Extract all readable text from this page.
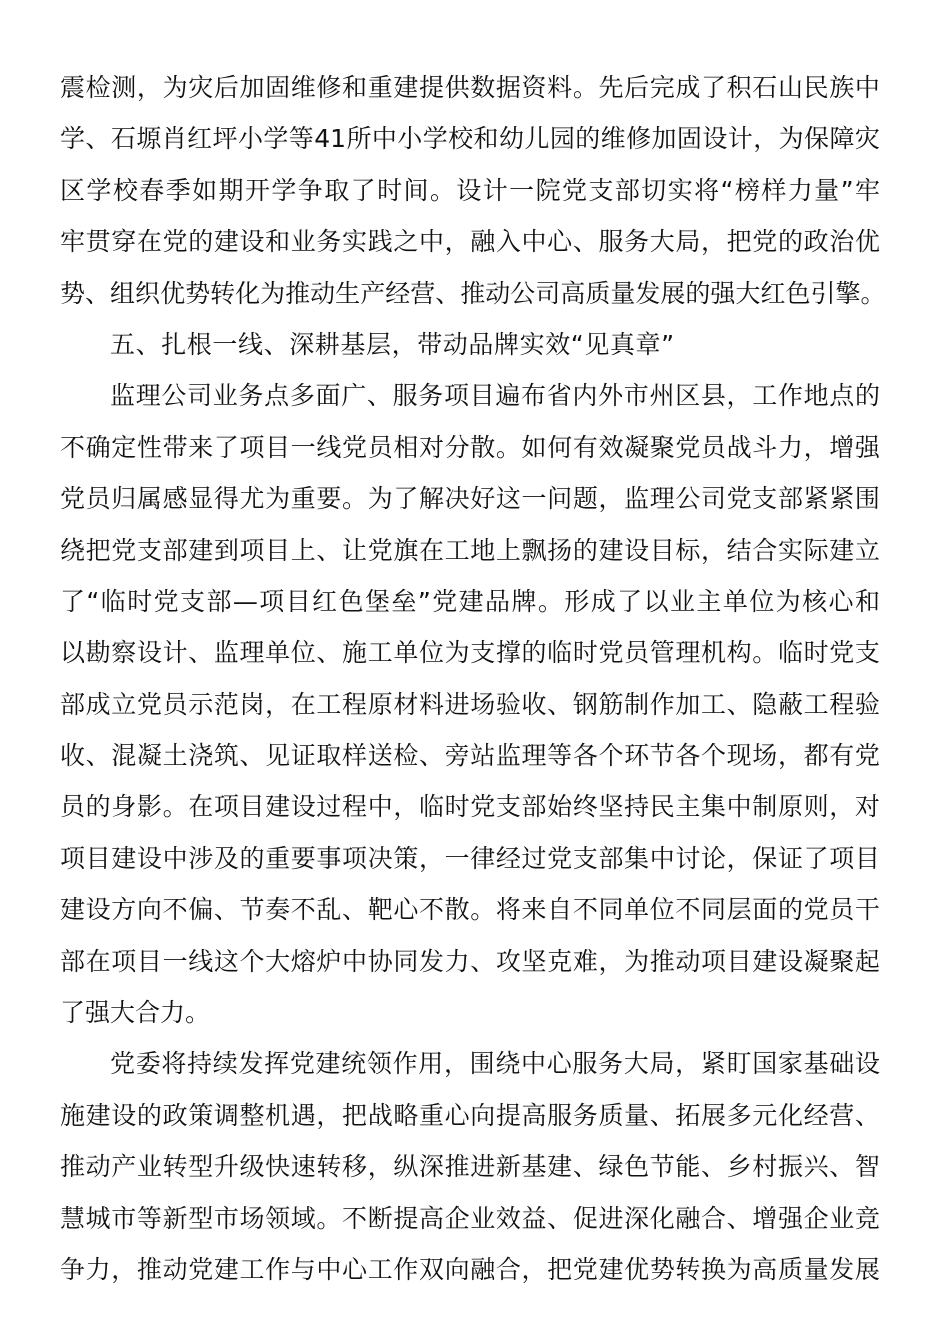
震 检 测 ， 为 灾 后 加 固 维 修 和 重 建 提 供 数 据 资 料 。 先 后 完 成 了 积 石 山 民 族 中
学 、 石 塬 肖 红 坪 小 学 等 41 所 中 小 学 校 和 幼 儿 园 的 维 修 加 固 设 计 ， 为 保 障 灾
区 学 校 春 季 如 期 开 学 争 取 了 时 间 。 设 计 一 院 党 支 部 切 实 将 “ 榜 样 力 量 ” 牢
牢 贯 穿 在 党 的 建 设 和 业 务 实 践 之 中 ， 融 入 中 心 、 服 务 大 局 ， 把 党 的 政 治 优
势 、 组 织 优 势 转 化 为 推 动 生 产 经 营 、 推 动 公 司 高 质 量 发 展 的 强 大 红 色 引 擎 。
五、扎根一线、深耕基层，带动品牌实效“见真章”
监 理 公 司 业 务 点 多 面 广 、 服 务 项 目 遍 布 省 内 外 市 州 区 县 ， 工 作 地 点 的
不 确 定 性 带 来 了 项 目 一 线 党 员 相 对 分 散 。 如 何 有 效 凝 聚 党 员 战 斗 力 ， 增 强
党 员 归 属 感 显 得 尤 为 重 要 。 为 了 解 决 好 这 一 问 题 ， 监 理 公 司 党 支 部 紧 紧 围
绕 把 党 支 部 建 到 项 目 上 、 让 党 旗 在 工 地 上 飘 扬 的 建 设 目 标 ， 结 合 实 际 建 立
了 “ 临 时 党 支 部 — 项 目 红 色 堡 垒 ” 党 建 品 牌 。 形 成 了 以 业 主 单 位 为 核 心 和
以 勘 察 设 计 、 监 理 单 位 、 施 工 单 位 为 支 撑 的 临 时 党 员 管 理 机 构 。 临 时 党 支
部 成 立 党 员 示 范 岗 ， 在 工 程 原 材 料 进 场 验 收 、 钢 筋 制 作 加 工 、 隐 蔽 工 程 验
收 、 混 凝 土 浇 筑 、 见 证 取 样 送 检 、 旁 站 监 理 等 各 个 环 节 各 个 现 场 ， 都 有 党
员 的 身 影 。 在 项 目 建 设 过 程 中 ， 临 时 党 支 部 始 终 坚 持 民 主 集 中 制 原 则 ， 对
项 目 建 设 中 涉 及 的 重 要 事 项 决 策 ， 一 律 经 过 党 支 部 集 中 讨 论 ， 保 证 了 项 目
建 设 方 向 不 偏 、 节 奏 不 乱 、 靶 心 不 散 。 将 来 自 不 同 单 位 不 同 层 面 的 党 员 干
部 在 项 目 一 线 这 个 大 熔 炉 中 协 同 发 力 、 攻 坚 克 难 ， 为 推 动 项 目 建 设 凝 聚 起
了强大合力。
党 委 将 持 续 发 挥 党 建 统 领 作 用 ， 围 绕 中 心 服 务 大 局 ， 紧 盯 国 家 基 础 设
施 建 设 的 政 策 调 整 机 遇 ， 把 战 略 重 心 向 提 高 服 务 质 量 、 拓 展 多 元 化 经 营 、
推 动 产 业 转 型 升 级 快 速 转 移 ， 纵 深 推 进 新 基 建 、 绿 色 节 能 、 乡 村 振 兴 、 智
慧 城 市 等 新 型 市 场 领 域 。 不 断 提 高 企 业 效 益 、 促 进 深 化 融 合 、 增 强 企 业 竞
争 力 ， 推 动 党 建 工 作 与 中 心 工 作 双 向 融 合 ， 把 党 建 优 势 转 换 为 高 质 量 发 展
